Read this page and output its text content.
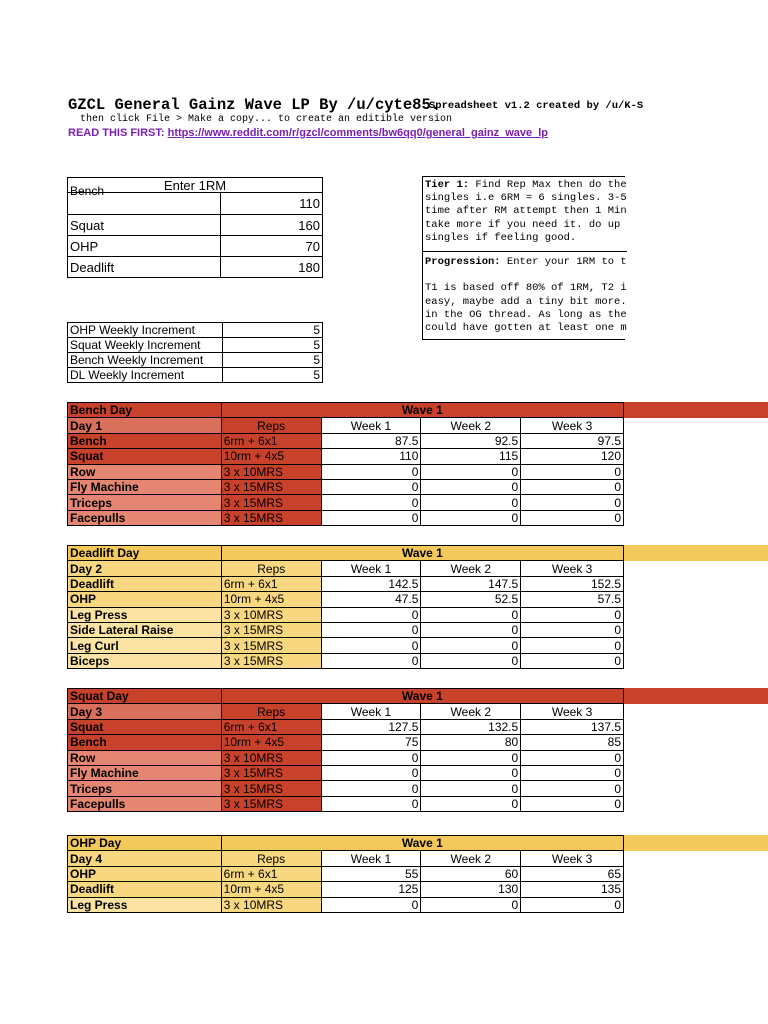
GZCL General Gainz Wave LP By /u/cyte85.
Spreadsheet v1.2 created by /u/K-S
then click File > Make a copy... to create an editible version
READ THIS FIRST: https://www.reddit.com/r/gzcl/comments/bw6qq0/general_gainz_wave_lp
Enter 1RM	

Bench	110
Squat	160
OHP	70
Deadlift	180
OHP Weekly Increment	5
Squat Weekly Increment	5
Bench Weekly Increment	5
DL Weekly Increment	5
Tier 1: Find Rep Max then do the
singles i.e 6RM = 6 singles. 3-5
time after RM attempt then 1 Min
take more if you need it. do up
singles if feeling good.

Progression: Enter your 1RM to t

T1 is based off 80% of 1RM, T2 i
easy, maybe add a tiny bit more.
in the OG thread. As long as the
could have gotten at least one m
Bench Day	Wave 1			
Day 1	Reps	Week 1	Week 2	Week 3
Bench	6rm + 6x1	87.5	92.5	97.5
Squat	10rm + 4x5	110	115	120
Row	3 x 10MRS	0	0	0
Fly Machine	3 x 15MRS	0	0	0
Triceps	3 x 15MRS	0	0	0
Facepulls	3 x 15MRS	0	0	0
Deadlift Day	Wave 1			
Day 2	Reps	Week 1	Week 2	Week 3
Deadlift	6rm + 6x1	142.5	147.5	152.5
OHP	10rm + 4x5	47.5	52.5	57.5
Leg Press	3 x 10MRS	0	0	0
Side Lateral Raise	3 x 15MRS	0	0	0
Leg Curl	3 x 15MRS	0	0	0
Biceps	3 x 15MRS	0	0	0
Squat Day	Wave 1			
Day 3	Reps	Week 1	Week 2	Week 3
Squat	6rm + 6x1	127.5	132.5	137.5
Bench	10rm + 4x5	75	80	85
Row	3 x 10MRS	0	0	0
Fly Machine	3 x 15MRS	0	0	0
Triceps	3 x 15MRS	0	0	0
Facepulls	3 x 15MRS	0	0	0
OHP Day	Wave 1			
Day 4	Reps	Week 1	Week 2	Week 3
OHP	6rm + 6x1	55	60	65
Deadlift	10rm + 4x5	125	130	135
Leg Press	3 x 10MRS	0	0	0
